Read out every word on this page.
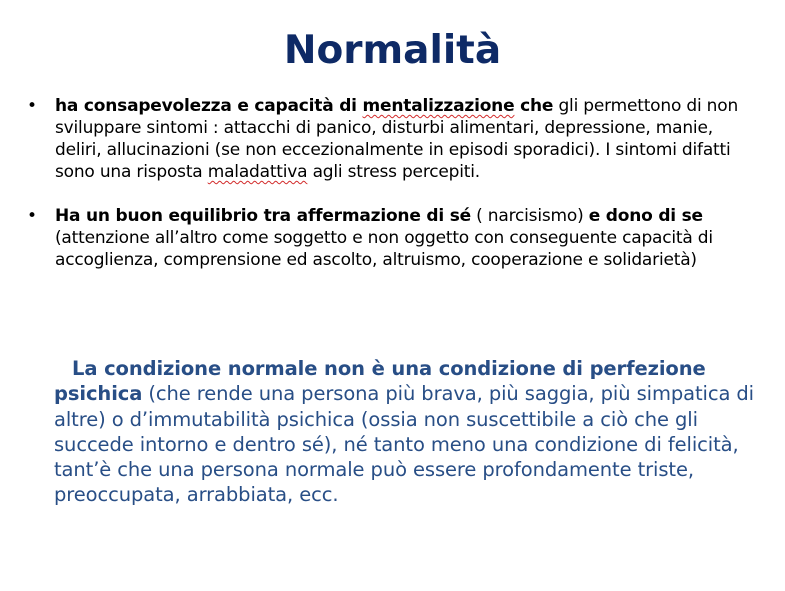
Normalità
• ha consapevolezza e capacità di mentalizzazione che gli permettono di non sviluppare sintomi : attacchi di panico, disturbi alimentari, depressione, manie, deliri, allucinazioni (se non eccezionalmente in episodi sporadici). I sintomi difatti sono una risposta maladattiva agli stress percepiti.
• Ha un buon equilibrio tra affermazione di sé ( narcisismo) e dono di se (attenzione all’altro come soggetto e non oggetto con conseguente capacità di accoglienza, comprensione ed ascolto, altruismo, cooperazione e solidarietà)
La condizione normale non è una condizione di perfezione psichica (che rende una persona più brava, più saggia, più simpatica di altre) o d’immutabilità psichica (ossia non suscettibile a ciò che gli succede intorno e dentro sé), né tanto meno una condizione di felicità, tant’è che una persona normale può essere profondamente triste, preoccupata, arrabbiata, ecc.
